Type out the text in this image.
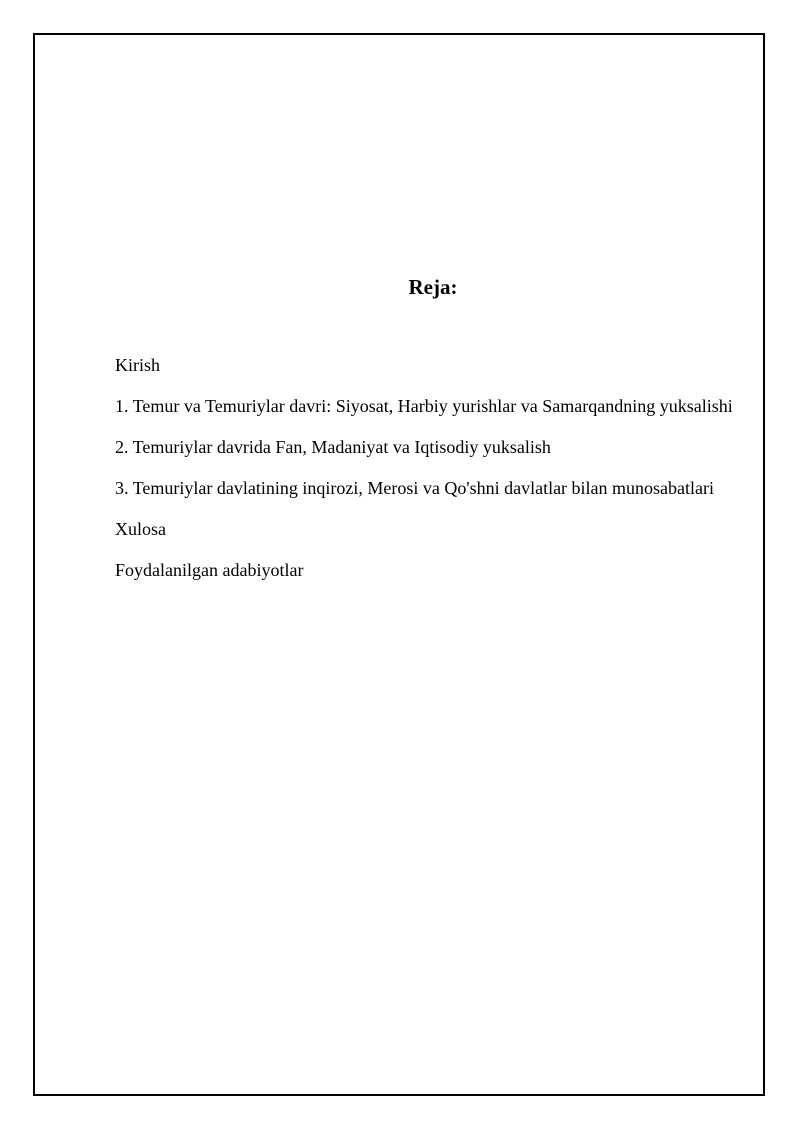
Reja:
Kirish
1. Temur va Temuriylar davri: Siyosat, Harbiy yurishlar va Samarqandning yuksalishi
2. Temuriylar davrida Fan, Madaniyat va Iqtisodiy yuksalish
3. Temuriylar davlatining inqirozi, Merosi va Qo'shni davlatlar bilan munosabatlari
Xulosa
Foydalanilgan adabiyotlar
